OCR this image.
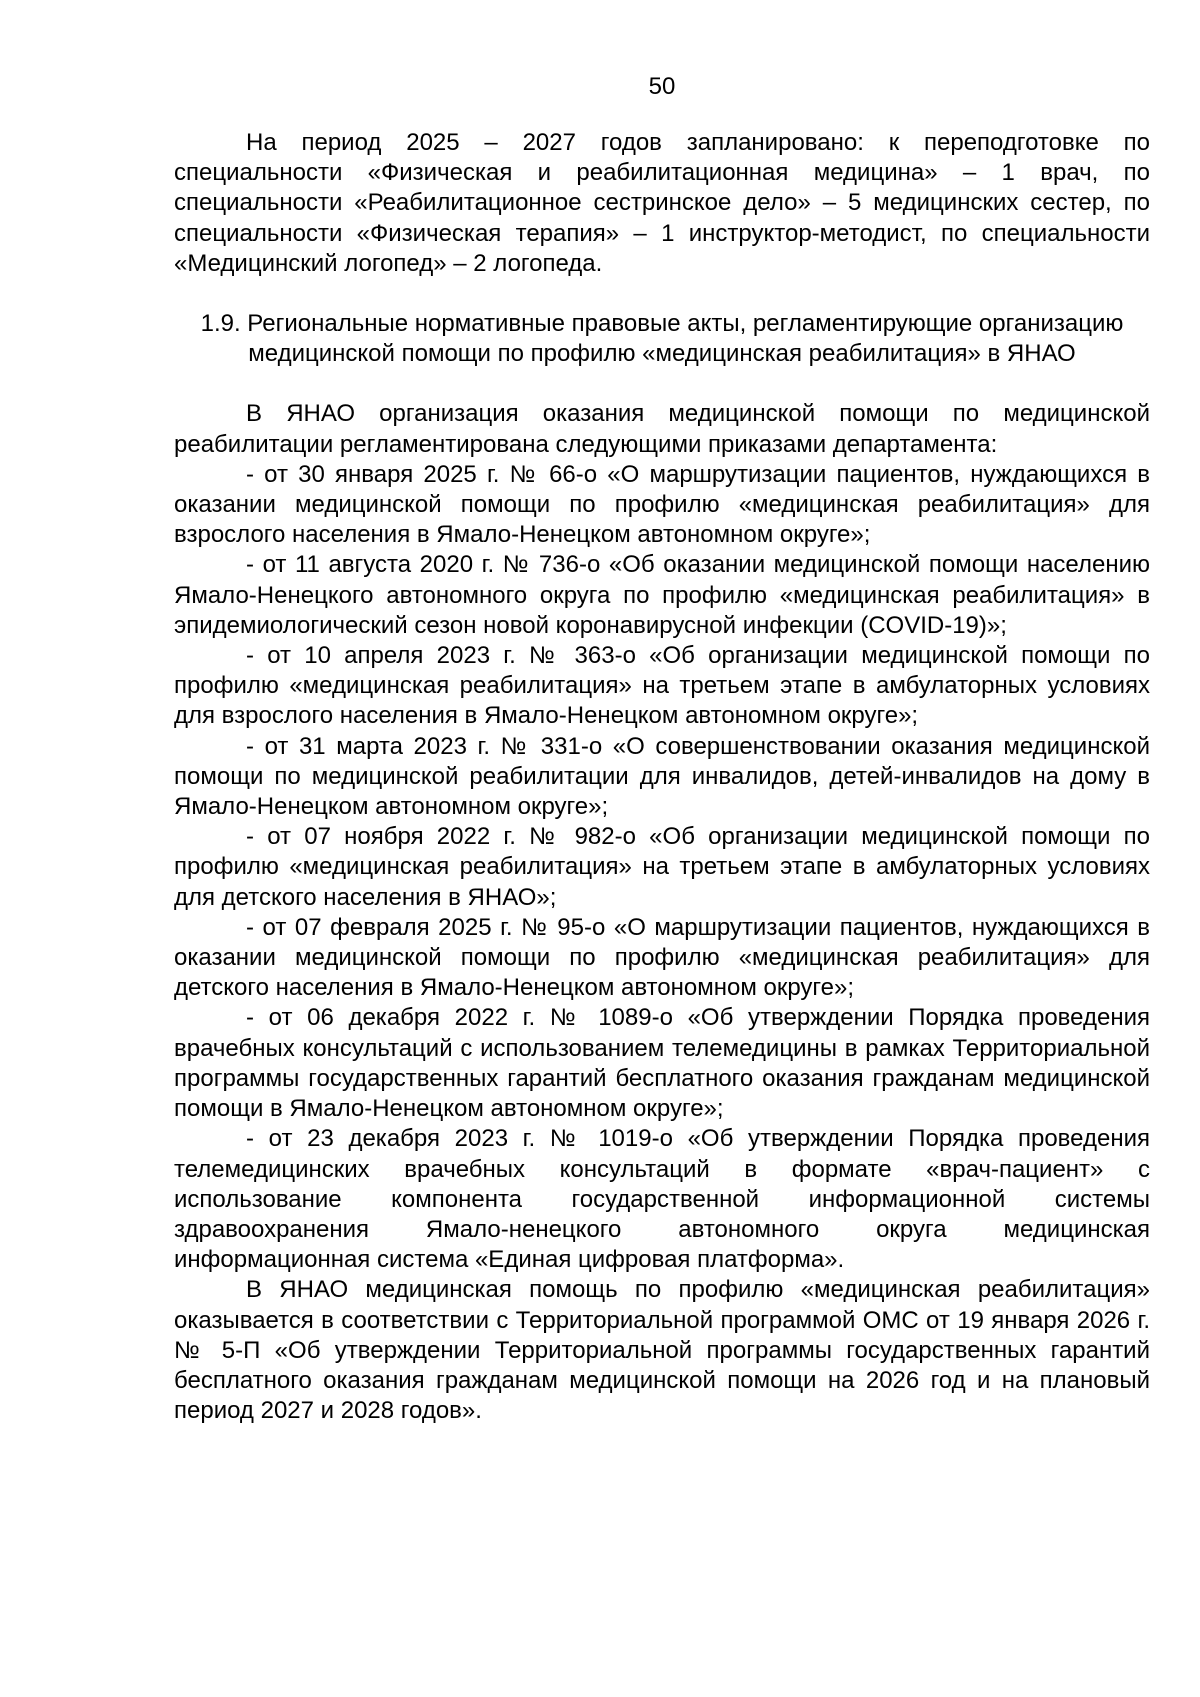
50

На период 2025 – 2027 годов запланировано: к переподготовке по специальности «Физическая и реабилитационная медицина» – 1 врач, по специальности «Реабилитационное сестринское дело» – 5 медицинских сестер, по специальности «Физическая терапия» – 1 инструктор-методист, по специальности «Медицинский логопед» – 2 логопеда.

1.9. Региональные нормативные правовые акты, регламентирующие организацию медицинской помощи по профилю «медицинская реабилитация» в ЯНАО

В ЯНАО организация оказания медицинской помощи по медицинской реабилитации регламентирована следующими приказами департамента:

- от 30 января 2025 г. № 66-о «О маршрутизации пациентов, нуждающихся в оказании медицинской помощи по профилю «медицинская реабилитация» для взрослого населения в Ямало-Ненецком автономном округе»;

- от 11 августа 2020 г. № 736-о «Об оказании медицинской помощи населению Ямало-Ненецкого автономного округа по профилю «медицинская реабилитация» в эпидемиологический сезон новой коронавирусной инфекции (COVID-19)»;

- от 10 апреля 2023 г. № 363-о «Об организации медицинской помощи по профилю «медицинская реабилитация» на третьем этапе в амбулаторных условиях для взрослого населения в Ямало-Ненецком автономном округе»;

- от 31 марта 2023 г. № 331-о «О совершенствовании оказания медицинской помощи по медицинской реабилитации для инвалидов, детей-инвалидов на дому в Ямало-Ненецком автономном округе»;

- от 07 ноября 2022 г. № 982-о «Об организации медицинской помощи по профилю «медицинская реабилитация» на третьем этапе в амбулаторных условиях для детского населения в ЯНАО»;

- от 07 февраля 2025 г. № 95-о «О маршрутизации пациентов, нуждающихся в оказании медицинской помощи по профилю «медицинская реабилитация» для детского населения в Ямало-Ненецком автономном округе»;

- от 06 декабря 2022 г. № 1089-о «Об утверждении Порядка проведения врачебных консультаций с использованием телемедицины в рамках Территориальной программы государственных гарантий бесплатного оказания гражданам медицинской помощи в Ямало-Ненецком автономном округе»;

- от 23 декабря 2023 г. № 1019-о «Об утверждении Порядка проведения телемедицинских врачебных консультаций в формате «врач-пациент» с использование компонента государственной информационной системы здравоохранения Ямало-ненецкого автономного округа медицинская информационная система «Единая цифровая платформа».

В ЯНАО медицинская помощь по профилю «медицинская реабилитация» оказывается в соответствии с Территориальной программой ОМС от 19 января 2026 г. № 5-П «Об утверждении Территориальной программы государственных гарантий бесплатного оказания гражданам медицинской помощи на 2026 год и на плановый период 2027 и 2028 годов».
